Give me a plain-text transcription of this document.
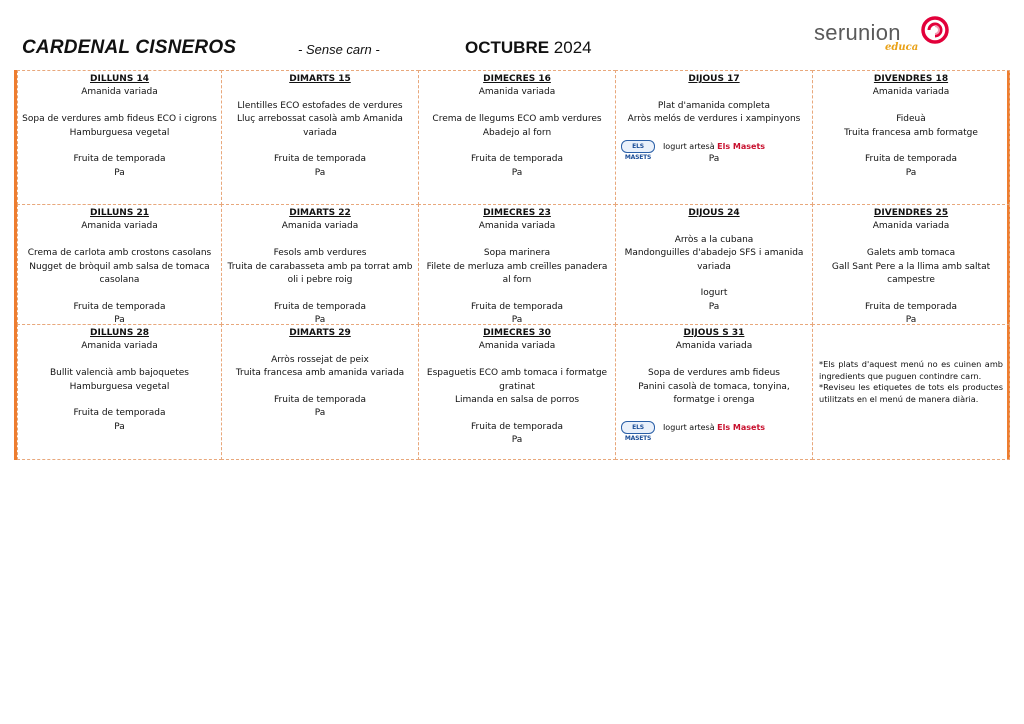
CARDENAL CISNEROS	- Sense carn -	OCTUBRE 2024
serunion
educa
DILLUNS 14
Amanida variada
Sopa de verdures amb fideus ECO i cigrons
Hamburguesa vegetal
Fruita de temporada
Pa
DIMARTS 15
Llentilles ECO estofades de verdures
Lluç arrebossat casolà amb Amanida
variada
Fruita de temporada
Pa
DIMECRES 16
Amanida variada
Crema de llegums ECO amb verdures
Abadejo al forn
Fruita de temporada
Pa
DIJOUS 17
Plat d'amanida completa
Arròs melós de verdures i xampinyons
ELS MASETS
Iogurt artesà Els Masets
Pa
DIVENDRES 18
Amanida variada
Fideuà
Truita francesa amb formatge
Fruita de temporada
Pa
DILLUNS 21
Amanida variada
Crema de carlota amb crostons casolans
Nugget de bròquil amb salsa de tomaca
casolana
Fruita de temporada
Pa
DIMARTS 22
Amanida variada
Fesols amb verdures
Truita de carabasseta amb pa torrat amb
oli i pebre roig
Fruita de temporada
Pa
DIMECRES 23
Amanida variada
Sopa marinera
Filete de merluza amb creïlles panadera
al forn
Fruita de temporada
Pa
DIJOUS 24
Arròs a la cubana
Mandonguilles d'abadejo SFS i amanida
variada
Iogurt
Pa
DIVENDRES 25
Amanida variada
Galets amb tomaca
Gall Sant Pere a la llima amb saltat
campestre
Fruita de temporada
Pa
DILLUNS 28
Amanida variada
Bullit valencià amb bajoquetes
Hamburguesa vegetal
Fruita de temporada
Pa
DIMARTS 29
Arròs rossejat de peix
Truita francesa amb amanida variada
Fruita de temporada
Pa
DIMECRES 30
Amanida variada
Espaguetis ECO amb tomaca i formatge
gratinat
Limanda en salsa de porros
Fruita de temporada
Pa
DIJOUS S 31
Amanida variada
Sopa de verdures amb fideus
Panini casolà de tomaca, tonyina,
formatge i orenga
ELS MASETS
Iogurt artesà Els Masets
*Els plats d'aquest menú no es cuinen amb ingredients que puguen contindre carn.
*Reviseu les etiquetes de tots els productes utilitzats en el menú de manera diària.
